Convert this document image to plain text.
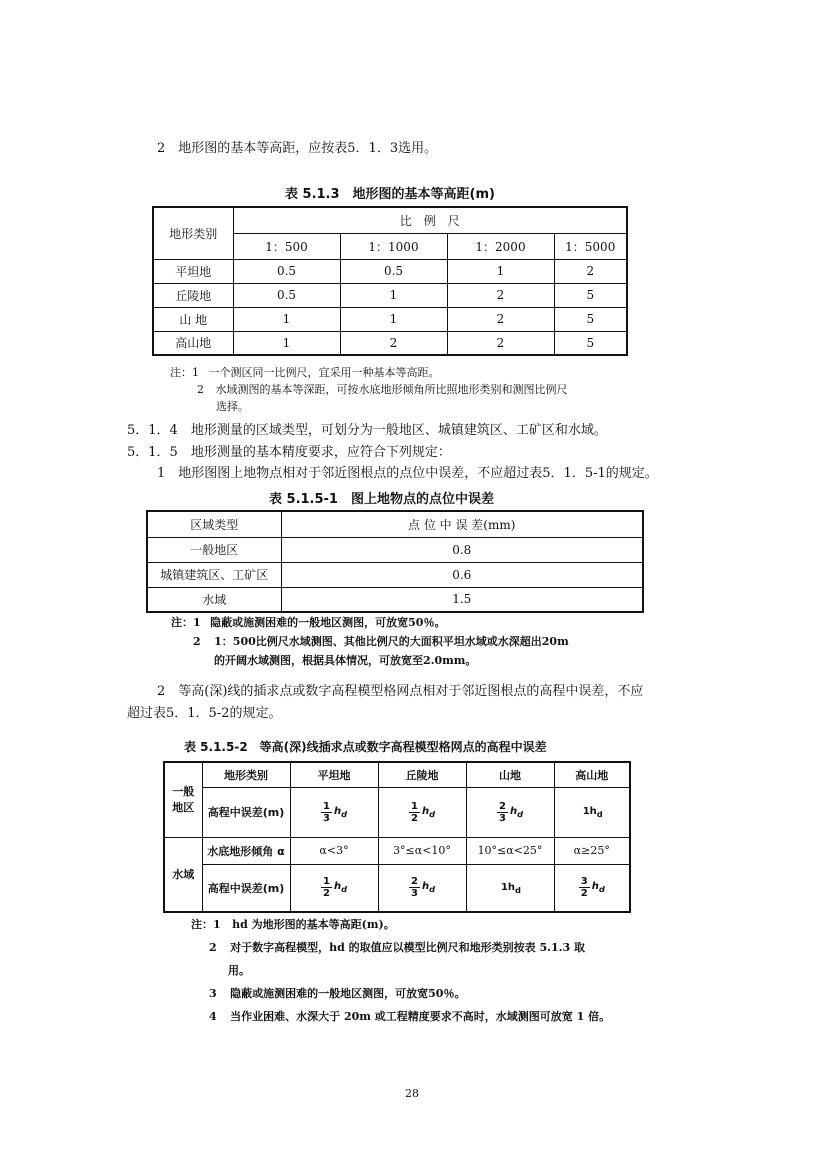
2　地形图的基本等高距，应按表5．1．3选用。
表 5.1.3　地形图的基本等高距(m)
地形类别	比　例　尺			
	1：500	1：1000	1：2000	1：5000
平坦地	0.5	0.5	1	2
丘陵地	0.5	1	2	5
山 地	1	1	2	5
高山地	1	2	2	5
注：1 一个测区同一比例尺，宜采用一种基本等高距。
2 水域测图的基本等深距，可按水底地形倾角所比照地形类别和测图比例尺
选择。
5．1．4　地形测量的区域类型，可划分为一般地区、城镇建筑区、工矿区和水域。
5．1．5　地形测量的基本精度要求，应符合下列规定：
1　地形图图上地物点相对于邻近图根点的点位中误差，不应超过表5．1．5-1的规定。
表 5.1.5-1　图上地物点的点位中误差
区域类型	点 位 中 误 差(mm)
一般地区	0.8
城镇建筑区、工矿区	0.6
水域	1.5
注：1 隐蔽或施测困难的一般地区测图，可放宽50％。
2 1：500比例尺水域测图、其他比例尺的大面积平坦水域或水深超出20m
的开阔水域测图，根据具体情况，可放宽至2.0mm。
2　等高(深)线的插求点或数字高程模型格网点相对于邻近图根点的高程中误差，不应
超过表5．1．5-2的规定。
表 5.1.5-2　等高(深)线插求点或数字高程模型格网点的高程中误差
一般
地区	地形类别	平坦地	丘陵地	山地	高山地
	高程中误差(m)	$\frac{1}{3} h_d$	$\frac{1}{2} h_d$	$\frac{2}{3} h_d$	$1h_d$
水域	水底地形倾角 α	α<3°	3°≤α<10°	10°≤α<25°	α≥25°
	高程中误差(m)	$\frac{1}{2} h_d$	$\frac{2}{3} h_d$	$1h_d$	$\frac{3}{2} h_d$
注：1 hd 为地形图的基本等高距(m)。
2 对于数字高程模型，hd 的取值应以模型比例尺和地形类别按表 5.1.3 取
用。
3 隐蔽或施测困难的一般地区测图，可放宽50％。
4 当作业困难、水深大于 20m 或工程精度要求不高时，水域测图可放宽 1 倍。
28
